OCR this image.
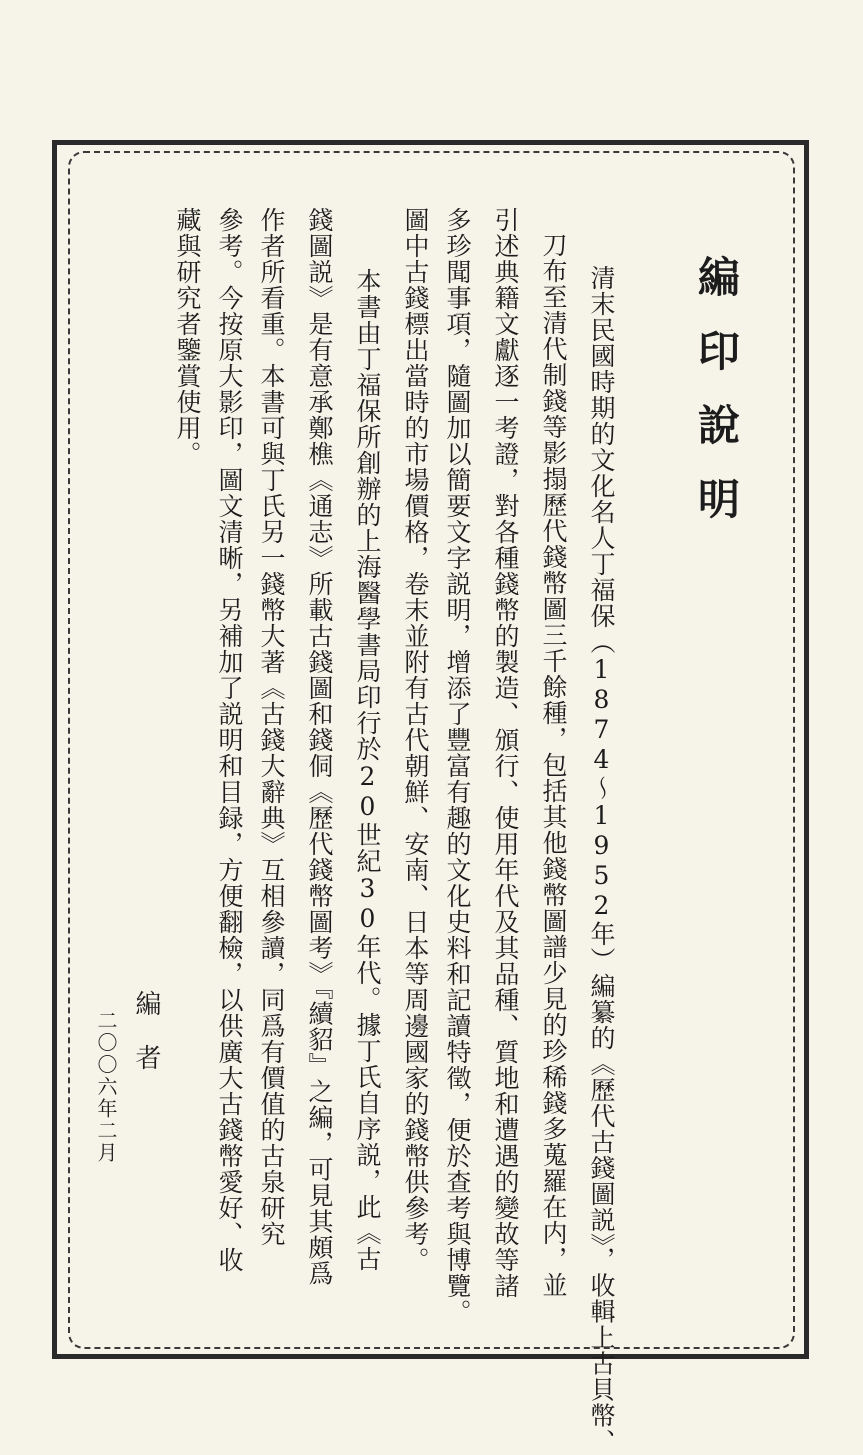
編印說明
清末民國時期的文化名人丁福保（1874～1952年）編纂的《歷代古錢圖説》，收輯上古貝幣、
刀布至清代制錢等影搨歷代錢幣圖三千餘種，包括其他錢幣圖譜少見的珍稀錢多蒐羅在内，並
引述典籍文獻逐一考證，對各種錢幣的製造、頒行、使用年代及其品種、質地和遭遇的變故等諸
多珍聞事項，隨圖加以簡要文字説明，增添了豐富有趣的文化史料和記讀特徵，便於查考與博覽。
圖中古錢標出當時的市場價格，卷末並附有古代朝鮮、安南、日本等周邊國家的錢幣供參考。
本書由丁福保所創辦的上海醫學書局印行於20世紀30年代。據丁氏自序説，此《古
錢圖説》是有意承鄭樵《通志》所載古錢圖和錢侗《歷代錢幣圖考》『續貂』之編，可見其頗爲
作者所看重。本書可與丁氏另一錢幣大著《古錢大辭典》互相參讀，同爲有價值的古泉研究
參考。今按原大影印，圖文清晰，另補加了説明和目録，方便翻檢，以供廣大古錢幣愛好、收
藏與研究者鑒賞使用。
編者
二〇〇六年二月
